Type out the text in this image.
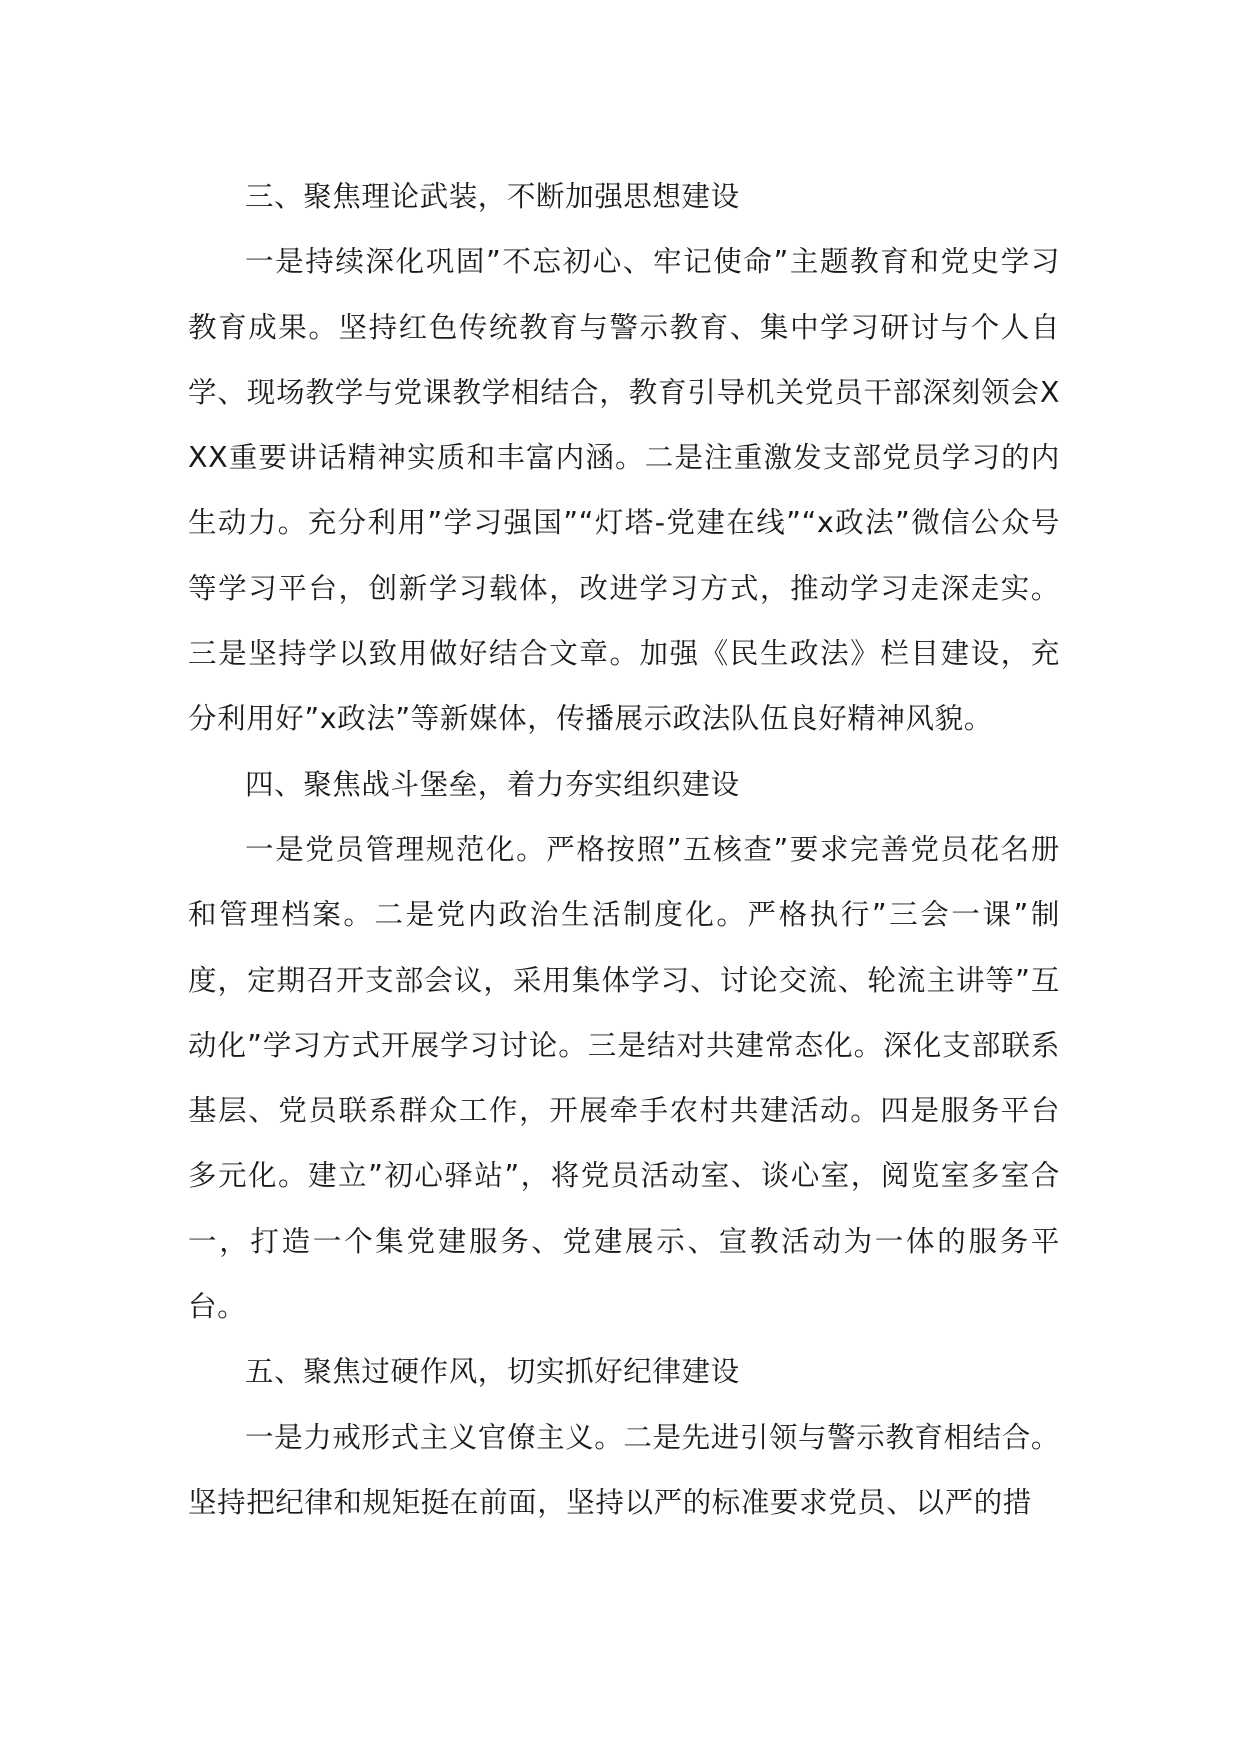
三、聚焦理论武装，不断加强思想建设

一是持续深化巩固”不忘初心、牢记使命”主题教育和党史学习教育成果。坚持红色传统教育与警示教育、集中学习研讨与个人自学、现场教学与党课教学相结合，教育引导机关党员干部深刻领会XXX重要讲话精神实质和丰富内涵。二是注重激发支部党员学习的内生动力。充分利用”学习强国”“灯塔-党建在线”“x政法”微信公众号等学习平台，创新学习载体，改进学习方式，推动学习走深走实。三是坚持学以致用做好结合文章。加强《民生政法》栏目建设，充分利用好”x政法”等新媒体，传播展示政法队伍良好精神风貌。

四、聚焦战斗堡垒，着力夯实组织建设

一是党员管理规范化。严格按照”五核查”要求完善党员花名册和管理档案。二是党内政治生活制度化。严格执行”三会一课”制度，定期召开支部会议，采用集体学习、讨论交流、轮流主讲等”互动化”学习方式开展学习讨论。三是结对共建常态化。深化支部联系基层、党员联系群众工作，开展牵手农村共建活动。四是服务平台多元化。建立”初心驿站”，将党员活动室、谈心室，阅览室多室合一，打造一个集党建服务、党建展示、宣教活动为一体的服务平台。

五、聚焦过硬作风，切实抓好纪律建设

一是力戒形式主义官僚主义。二是先进引领与警示教育相结合。坚持把纪律和规矩挺在前面，坚持以严的标准要求党员、以严的措
